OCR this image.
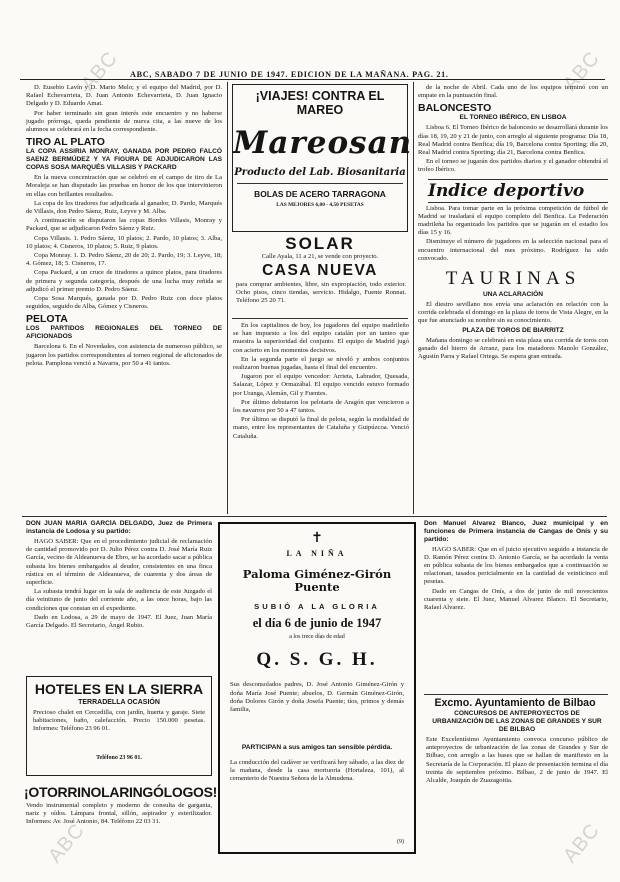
ABC	ABC
ABC	ABC
ABC, SABADO 7 DE JUNIO DE 1947. EDICION DE LA MAÑANA. PAG. 21.

D. Eusebio Lavín y D. Mario Melo; y el equipo del Madrid, por D. Rafael Echevarrieta, D. Juan Antonio Echevarrieta, D. Juan Ignacio Delgado y D. Eduardo Amat.

Por haber terminado sin gran interés este encuentro y no haberse jugado prórroga, queda pendiente de nueva cita, a las nueve de los alumnos se celebrará en la fecha correspondiente.

TIRO AL PLATO
LA COPA ASSIRIA MONRAY, GANADA POR PEDRO FALCÓ SAENZ BERMÚDEZ Y YA FIGURA DE ADJUDICARON LAS COPAS SOSA MARQUÉS VILLASIS Y PACKARD

En la nueva concentración que se celebró en el campo de tiro de La Moraleja se han disputado las pruebas en honor de los que intervinieron en ellas con brillantes resultados.

La copa de los tiradores fue adjudicada al ganador, D. Pardo, Marqués de Villasis, don Pedro Sáenz, Ruiz, Leyve y M. Alba.

A continuación se disputaron las copas Bordes Villasis, Monray y Packard, que se adjudicaron Pedro Sáenz y Ruiz.

Copa Villasis. 1. Pedro Sáenz, 10 platos; 2. Pardo, 10 platos; 3. Alba, 10 platos; 4. Cisneros, 10 platos; 5. Ruiz, 9 platos.

Copa Monray. 1. D. Pedro Sáenz, 20 de 20; 2. Pardo, 19; 3. Leyve, 18; 4. Gómez, 18; 5. Cisneros, 17.

Copa Packard, a un cruce de tiradores a quince platos, para tiradores de primera y segunda categoría, después de una lucha muy reñida se adjudicó el primer premio D. Pedro Sáenz.

Copa Sosa Marqués, ganada por D. Pedro Ruiz con doce platos seguidos, seguido de Alba, Gómez y Cisneros.

PELOTA
LOS PARTIDOS REGIONALES DEL TORNEO DE AFICIONADOS

Barcelona 6. En el Novedades, con asistencia de numeroso público, se jugaron los partidos correspondientes al torneo regional de aficionados de pelota. Pamplona venció a Navarra, por 50 a 41 tantos.

¡VIAJES! CONTRA EL MAREO
Mareosan
Producto del Lab. Biosanitaria
BOLAS DE ACERO TARRAGONA
LAS MEJORES 6,00 - 4,50 PESETAS
SOLAR
Calle Ayala, 11 a 21, se vende con proyecto.
CASA NUEVA
para comprar ambientes, libre, sin expropiación, todo exterior. Ocho pisos, cinco tiendas, servicio. Hidalgo, Fuente Ronnat. Teléfono 25 20 71.

En los capitalinos de hoy, los jugadores del equipo madrileño se han impuesto a los del equipo catalán por un tanteo que muestra la superioridad del conjunto. El equipo de Madrid jugó con acierto en los momentos decisivos.

En la segunda parte el juego se niveló y ambos conjuntos realizaron buenas jugadas, hasta el final del encuentro.

Jugaron por el equipo vencedor: Arrieta, Labrador, Quesada, Salazar, López y Ormazábal. El equipo vencido estuvo formado por Uranga, Alemán, Gil y Fuentes.

Por último debutaron los pelotaris de Aragón que vencieron a los navarros por 50 a 47 tantos.

Por último se disputó la final de pelota, según la modalidad de mano, entre los representantes de Cataluña y Guipúzcoa. Venció Cataluña.

de la noche de Abril. Cada uno de los equipos terminó con un empate en la puntuación final.

BALONCESTO
EL TORNEO IBÉRICO, EN LISBOA

Lisboa 6. El Torneo Ibérico de baloncesto se desarrollará durante los días 18, 19, 20 y 21 de junio, con arreglo al siguiente programa: Día 18, Real Madrid contra Benfica; día 19, Barcelona contra Sporting; día 20, Real Madrid contra Sporting; día 21, Barcelona contra Benfica.

En el torneo se jugarán dos partidos diarios y el ganador obtendrá el trofeo Ibérico.

Indice deportivo

Lisboa. Para tomar parte en la próxima competición de fútbol de Madrid se trasladará el equipo completo del Benfica. La Federación madrileña ha organizado los partidos que se jugarán en el estadio los días 15 y 16.

Disminuye el número de jugadores en la selección nacional para el encuentro internacional del mes próximo. Rodríguez ha sido convocado.

TAURINAS
UNA ACLARACIÓN

El diestro sevillano nos envía una aclaración en relación con la corrida celebrada el domingo en la plaza de toros de Vista Alegre, en la que fue anunciado su nombre sin su conocimiento.

PLAZA DE TOROS DE BIARRITZ

Mañana domingo se celebrará en esta plaza una corrida de toros con ganado del hierro de Arranz, para los matadores Manolo González, Agustín Parra y Rafael Ortega. Se espera gran entrada.

DON JUAN MARÍA GARCÍA DELGADO, Juez de Primera instancia de Lodosa y su partido:

HAGO SABER: Que en el procedimiento judicial de reclamación de cantidad promovido por D. Julio Pérez contra D. José María Ruiz García, vecino de Aldeanueva de Ebro, se ha acordado sacar a pública subasta los bienes embargados al deudor, consistentes en una finca rústica en el término de Aldeanueva, de cuarenta y dos áreas de superficie.

La subasta tendrá lugar en la sala de audiencia de este Juzgado el día veintiuno de junio del corriente año, a las once horas, bajo las condiciones que constan en el expediente.

Dado en Lodosa, a 29 de mayo de 1947. El Juez, Juan María García Delgado. El Secretario, Ángel Rubio.

HOTELES EN LA SIERRA
TERRADELLA OCASIÓN
Precioso chalet en Cercedilla, con jardín, huerta y garaje. Siete habitaciones, baño, calefacción. Precio 150.000 pesetas. Informes: Teléfono 23 96 01.
Teléfono 23 96 01.
¡OTORRINOLARINGÓLOGOS!
Vendo instrumental completo y moderno de consulta de garganta, nariz y oídos. Lámpara frontal, sillón, aspirador y esterilizador. Informes: Av. José Antonio, 84. Teléfono 22 03 31.
✝
LA NIÑA
Paloma Giménez-Girón Puente
SUBIÓ A LA GLORIA
el día 6 de junio de 1947
a los trece días de edad
Q. S. G. H.
Sus desconsolados padres, D. José Antonio Giménez-Girón y doña María José Puente; abuelos, D. Germán Giménez-Girón, doña Dolores Girón y doña Josefa Puente; tíos, primos y demás familia,
PARTICIPAN a sus amigos tan sensible pérdida.
La conducción del cadáver se verificará hoy sábado, a las diez de la mañana, desde la casa mortuoria (Hortaleza, 101), al cementerio de Nuestra Señora de la Almudena.
(9)

Don Manuel Alvarez Blanco, Juez municipal y en funciones de Primera instancia de Cangas de Onís y su partido:

HAGO SABER: Que en el juicio ejecutivo seguido a instancia de D. Ramón Pérez contra D. Antonio García, se ha acordado la venta en pública subasta de los bienes embargados que a continuación se relacionan, tasados pericialmente en la cantidad de veinticinco mil pesetas.

Dado en Cangas de Onís, a dos de junio de mil novecientos cuarenta y siete. El Juez, Manuel Alvarez Blanco. El Secretario, Rafael Alvarez.

Excmo. Ayuntamiento de Bilbao
CONCURSOS DE ANTEPROYECTOS DE URBANIZACIÓN DE LAS ZONAS DE GRANDES Y SUR DE BILBAO
Este Excelentísimo Ayuntamiento convoca concurso público de anteproyectos de urbanización de las zonas de Grandes y Sur de Bilbao, con arreglo a las bases que se hallan de manifiesto en la Secretaría de la Corporación. El plazo de presentación termina el día treinta de septiembre próximo. Bilbao, 2 de junio de 1947. El Alcalde, Joaquín de Zuazagoitia.
